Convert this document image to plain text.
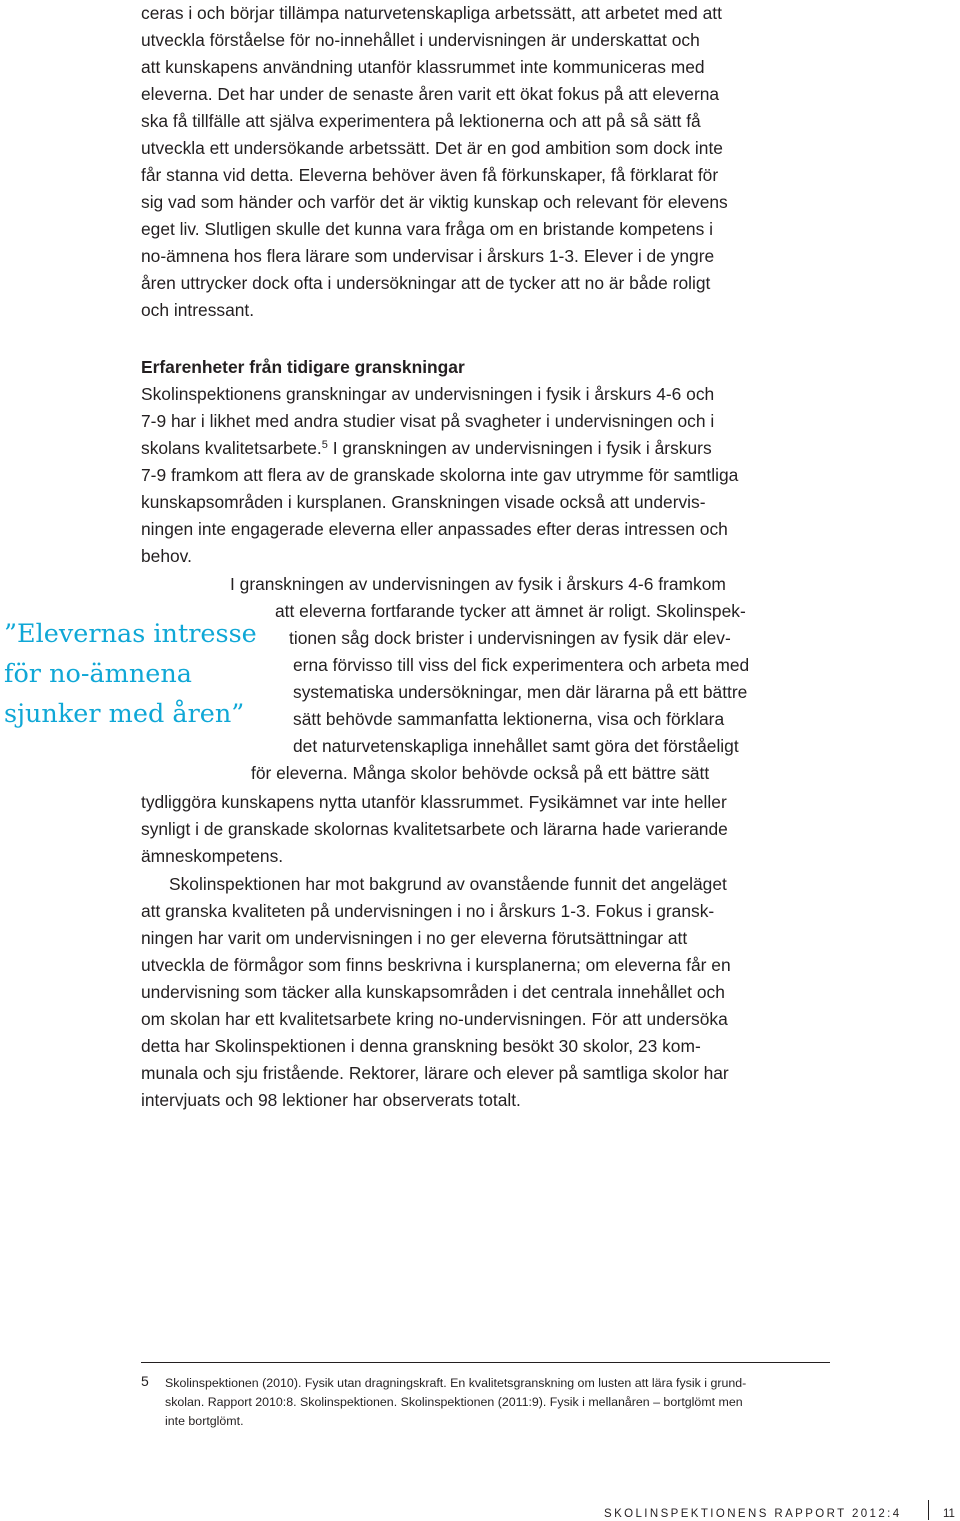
ceras i och börjar tillämpa naturvetenskapliga arbetssätt, att arbetet med att

utveckla förståelse för no-innehållet i undervisningen är underskattat och

att kunskapens användning utanför klassrummet inte kommuniceras med

eleverna. Det har under de senaste åren varit ett ökat fokus på att eleverna

ska få tillfälle att själva experimentera på lektionerna och att på så sätt få

utveckla ett undersökande arbetssätt. Det är en god ambition som dock inte

får stanna vid detta. Eleverna behöver även få förkunskaper, få förklarat för

sig vad som händer och varför det är viktig kunskap och relevant för elevens

eget liv. Slutligen skulle det kunna vara fråga om en bristande kompetens i

no-ämnena hos flera lärare som undervisar i årskurs 1-3. Elever i de yngre

åren uttrycker dock ofta i undersökningar att de tycker att no är både roligt

och intressant.

Erfarenheter från tidigare granskningar

Skolinspektionens granskningar av undervisningen i fysik i årskurs 4-6 och

7-9 har i likhet med andra studier visat på svagheter i undervisningen och i

skolans kvalitetsarbete.$^5$ I granskningen av undervisningen i fysik i årskurs

7-9 framkom att flera av de granskade skolorna inte gav utrymme för samtliga

kunskapsområden i kursplanen. Granskningen visade också att undervis-

ningen inte engagerade eleverna eller anpassades efter deras intressen och

behov.

I granskningen av undervisningen av fysik i årskurs 4-6 framkom

att eleverna fortfarande tycker att ämnet är roligt. Skolinspek-

tionen såg dock brister i undervisningen av fysik där elev-

erna förvisso till viss del fick experimentera och arbeta med

systematiska undersökningar, men där lärarna på ett bättre

sätt behövde sammanfatta lektionerna, visa och förklara

det naturvetenskapliga innehållet samt göra det förståeligt

för eleverna. Många skolor behövde också på ett bättre sätt

tydliggöra kunskapens nytta utanför klassrummet. Fysikämnet var inte heller

synligt i de granskade skolornas kvalitetsarbete och lärarna hade varierande

ämneskompetens.

”Elevernas intresse

för no-ämnena

sjunker med åren”

Skolinspektionen har mot bakgrund av ovanstående funnit det angeläget

att granska kvaliteten på undervisningen i no i årskurs 1-3. Fokus i gransk-

ningen har varit om undervisningen i no ger eleverna förutsättningar att

utveckla de förmågor som finns beskrivna i kursplanerna; om eleverna får en

undervisning som täcker alla kunskapsområden i det centrala innehållet och

om skolan har ett kvalitetsarbete kring no-undervisningen. För att undersöka

detta har Skolinspektionen i denna granskning besökt 30 skolor, 23 kom-

munala och sju fristående. Rektorer, lärare och elever på samtliga skolor har

intervjuats och 98 lektioner har observerats totalt.

5 Skolinspektionen (2010). Fysik utan dragningskraft. En kvalitetsgranskning om lusten att lära fysik i grund-

skolan. Rapport 2010:8. Skolinspektionen. Skolinspektionen (2011:9). Fysik i mellanåren – bortglömt men

inte bortglömt.

SKOLINSPEKTIONENS RAPPORT 2012:4	11
